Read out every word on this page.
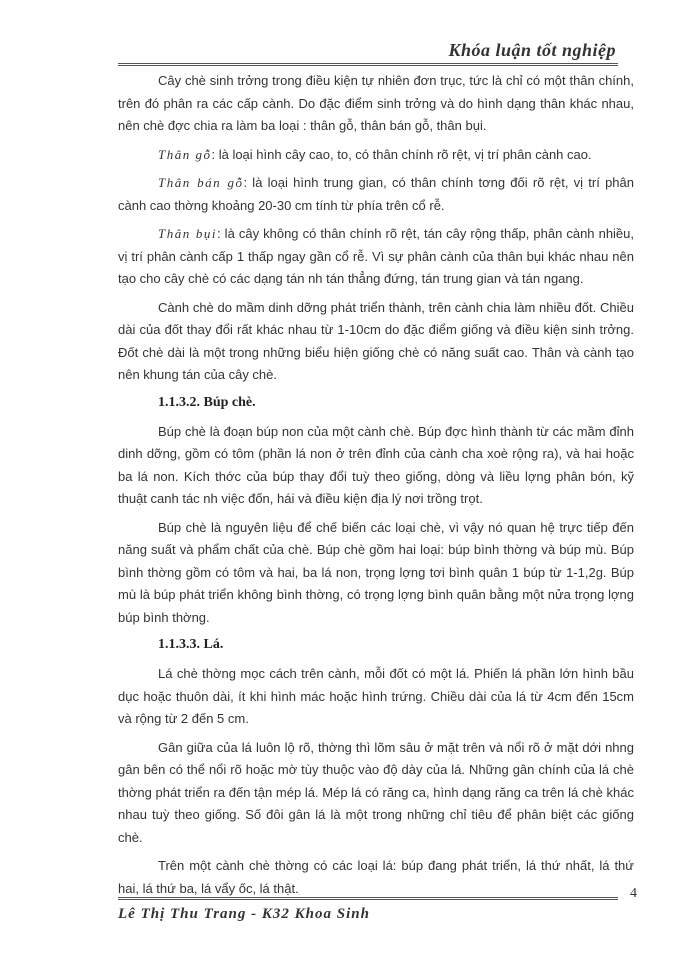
Khóa luận tốt nghiệp

Cây chè sinh trởng trong điều kiện tự nhiên đơn trục, tức là chỉ có một thân chính, trên đó phân ra các cấp cành. Do đặc điểm sinh trởng và do hình dạng thân khác nhau, nên chè đợc chia ra làm ba loại : thân gỗ, thân bán gỗ, thân bụi.

Thân gỗ: là loại hình cây cao, to, có thân chính rõ rệt, vị trí phân cành cao.

Thân bán gỗ: là loại hình trung gian, có thân chính tơng đối rõ rệt, vị trí phân cành cao thờng khoảng 20-30 cm tính từ phía trên cổ rễ.

Thân bụi: là cây không có thân chính rõ rệt, tán cây rộng thấp, phân cành nhiều, vị trí phân cành cấp 1 thấp ngay gần cổ rễ. Vì sự phân cành của thân bụi khác nhau nên tạo cho cây chè có các dạng tán nh tán thẳng đứng, tán trung gian và tán ngang.

Cành chè do mầm dinh dỡng phát triển thành, trên cành chia làm nhiều đốt. Chiều dài của đốt thay đổi rất khác nhau từ 1-10cm do đặc điểm giống và điều kiện sinh trởng. Đốt chè dài là một trong những biểu hiện giống chè có năng suất cao. Thân và cành tạo nên khung tán của cây chè.

1.1.3.2. Búp chè.

Búp chè là đoạn búp non của một cành chè. Búp đợc hình thành từ các mầm đỉnh dinh dỡng, gồm có tôm (phần lá non ở trên đỉnh của cành cha xoè rộng ra), và hai hoặc ba lá non. Kích thớc của búp thay đổi tuỳ theo giống, dòng và liều lợng phân bón, kỹ thuật canh tác nh việc đốn, hái và điều kiện địa lý nơi trồng trọt.

Búp chè là nguyên liệu để chế biến các loại chè, vì vậy nó quan hệ trực tiếp đến năng suất và phẩm chất của chè. Búp chè gồm hai loại: búp bình thờng và búp mù. Búp bình thờng gồm có tôm và hai, ba lá non, trọng lợng tơi bình quân 1 búp từ 1-1,2g. Búp mù là búp phát triển không bình thờng, có trọng lợng bình quân bằng một nửa trọng lợng búp bình thờng.

1.1.3.3. Lá.

Lá chè thờng mọc cách trên cành, mỗi đốt có một lá. Phiến lá phần lớn hình bầu dục hoặc thuôn dài, ít khi hình mác hoặc hình trứng. Chiều dài của lá từ 4cm đến 15cm và rộng từ 2 đến 5 cm.

Gân giữa của lá luôn lộ rõ, thờng thì lõm sâu ở mặt trên và nổi rõ ở mặt dới nhng gân bên có thể nổi rõ hoặc mờ tùy thuộc vào độ dày của lá. Những gân chính của lá chè thờng phát triển ra đến tận mép lá. Mép lá có răng ca, hình dạng răng ca trên lá chè khác nhau tuỳ theo giống. Số đôi gân lá là một trong những chỉ tiêu để phân biệt các giống chè.

Trên một cành chè thờng có các loại lá: búp đang phát triển, lá thứ nhất, lá thứ hai, lá thứ ba, lá vẩy ốc, lá thật.

Lê Thị Thu Trang - K32 Khoa Sinh
4
